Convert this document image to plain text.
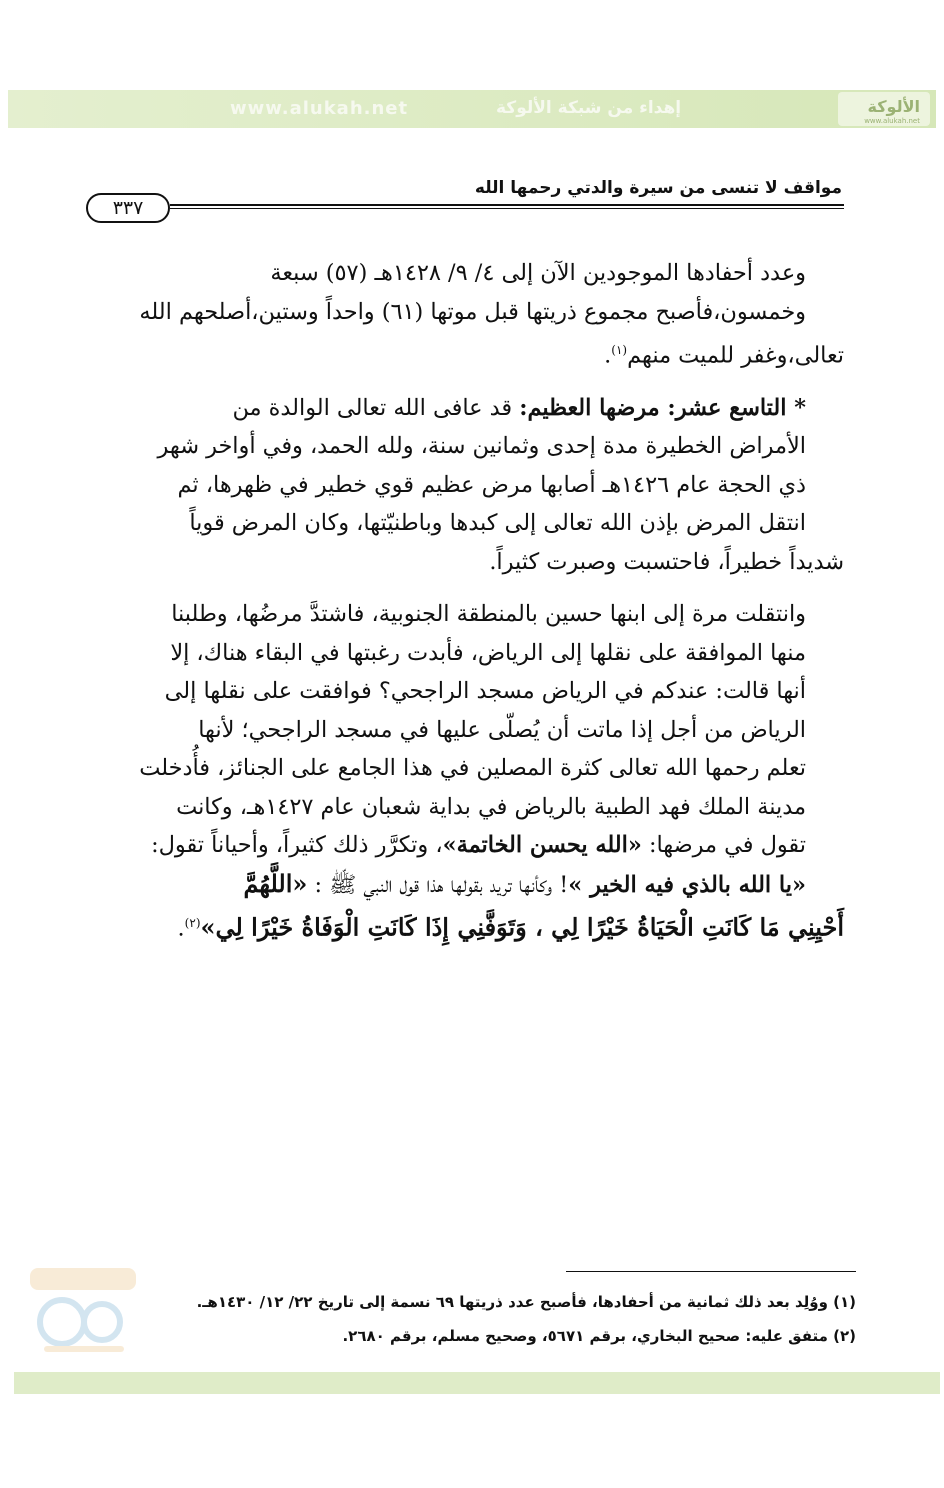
www.alukah.net	إهداء من شبكة الألوكة	الألوكة
www.alukah.net
مواقف لا تنسى من سيرة والدتي رحمها الله
٣٣٧

وعدد أحفادها الموجودين الآن إلى ٤/ ٩/ ١٤٢٨هـ (٥٧) سبعة
وخمسون،فأصبح مجموع ذريتها قبل موتها (٦١) واحداً وستين،أصلحهم الله
تعالى،وغفر للميت منهم$^{(١)}$.

* التاسع عشر: مرضها العظيم: قد عافى الله تعالى الوالدة من
الأمراض الخطيرة مدة إحدى وثمانين سنة، ولله الحمد، وفي أواخر شهر
ذي الحجة عام ١٤٢٦هـ أصابها مرض عظيم قوي خطير في ظهرها، ثم
انتقل المرض بإذن الله تعالى إلى كبدها وباطنيّتها، وكان المرض قوياً
شديداً خطيراً، فاحتسبت وصبرت كثيراً.

وانتقلت مرة إلى ابنها حسين بالمنطقة الجنوبية، فاشتدَّ مرضُها، وطلبنا
منها الموافقة على نقلها إلى الرياض، فأبدت رغبتها في البقاء هناك، إلا
أنها قالت: عندكم في الرياض مسجد الراجحي؟ فوافقت على نقلها إلى
الرياض من أجل إذا ماتت أن يُصلّى عليها في مسجد الراجحي؛ لأنها
تعلم رحمها الله تعالى كثرة المصلين في هذا الجامع على الجنائز، فأُدخلت
مدينة الملك فهد الطبية بالرياض في بداية شعبان عام ١٤٢٧هـ، وكانت
تقول في مرضها: «الله يحسن الخاتمة»، وتكرَّر ذلك كثيراً، وأحياناً تقول:
«يا الله بالذي فيه الخير »! وكأنها تريد بقولها هذا قول النبي ﷺ : «اللَّهُمَّ
أَحْيِنِي مَا كَانَتِ الْحَيَاةُ خَيْرًا لِي ، وَتَوَفَّنِي إِذَا كَانَتِ الْوَفَاةُ خَيْرًا لِي»$^{(٢)}$.

(١) ووُلِد بعد ذلك ثمانية من أحفادها، فأصبح عدد ذريتها ٦٩ نسمة إلى تاريخ ٢٢/ ١٢/ ١٤٣٠هـ.
(٢) متفق عليه: صحيح البخاري، برقم ٥٦٧١، وصحيح مسلم، برقم ٢٦٨٠.
